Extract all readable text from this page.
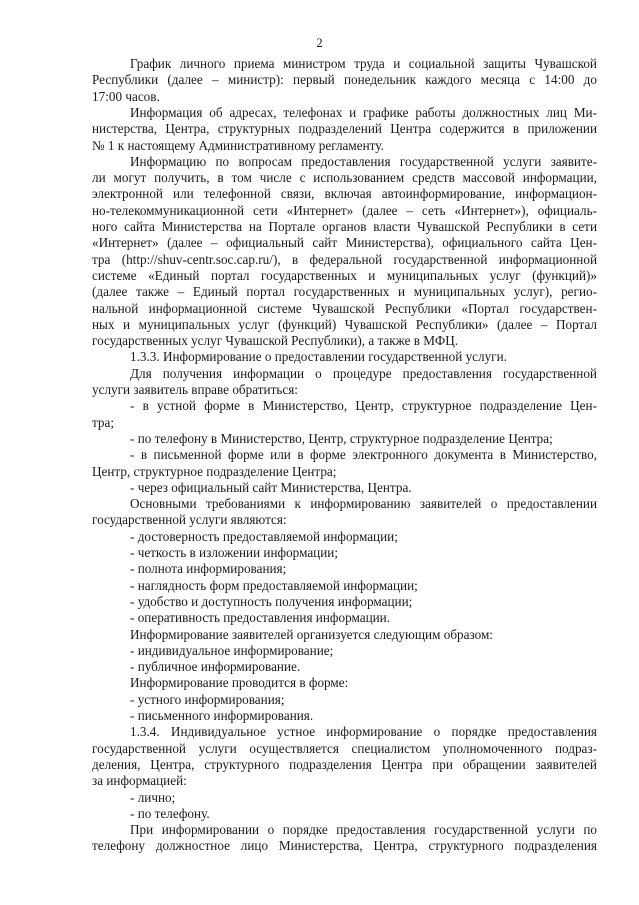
2
График личного приема министром труда и социальной защиты Чувашской
Республики (далее – министр): первый понедельник каждого месяца с 14:00 до
17:00 часов.
Информация об адресах, телефонах и графике работы должностных лиц Ми-
нистерства, Центра, структурных подразделений Центра содержится в приложении
№ 1 к настоящему Административному регламенту.
Информацию по вопросам предоставления государственной услуги заявите-
ли могут получить, в том числе с использованием средств массовой информации,
электронной или телефонной связи, включая автоинформирование, информацион-
но-телекоммуникационной сети «Интернет» (далее – сеть «Интернет»), официаль-
ного сайта Министерства на Портале органов власти Чувашской Республики в сети
«Интернет» (далее – официальный сайт Министерства), официального сайта Цен-
тра (http://shuv-centr.soc.cap.ru/), в федеральной государственной информационной
системе «Единый портал государственных и муниципальных услуг (функций)»
(далее также – Единый портал государственных и муниципальных услуг), регио-
нальной информационной системе Чувашской Республики «Портал государствен-
ных и муниципальных услуг (функций) Чувашской Республики» (далее – Портал
государственных услуг Чувашской Республики), а также в МФЦ.
1.3.3. Информирование о предоставлении государственной услуги.
Для получения информации о процедуре предоставления государственной
услуги заявитель вправе обратиться:
- в устной форме в Министерство, Центр, структурное подразделение Цен-
тра;
- по телефону в Министерство, Центр, структурное подразделение Центра;
- в письменной форме или в форме электронного документа в Министерство,
Центр, структурное подразделение Центра;
- через официальный сайт Министерства, Центра.
Основными требованиями к информированию заявителей о предоставлении
государственной услуги являются:
- достоверность предоставляемой информации;
- четкость в изложении информации;
- полнота информирования;
- наглядность форм предоставляемой информации;
- удобство и доступность получения информации;
- оперативность предоставления информации.
Информирование заявителей организуется следующим образом:
- индивидуальное информирование;
- публичное информирование.
Информирование проводится в форме:
- устного информирования;
- письменного информирования.
1.3.4. Индивидуальное устное информирование о порядке предоставления
государственной услуги осуществляется специалистом уполномоченного подраз-
деления, Центра, структурного подразделения Центра при обращении заявителей
за информацией:
- лично;
- по телефону.
При информировании о порядке предоставления государственной услуги по
телефону должностное лицо Министерства, Центра, структурного подразделения
